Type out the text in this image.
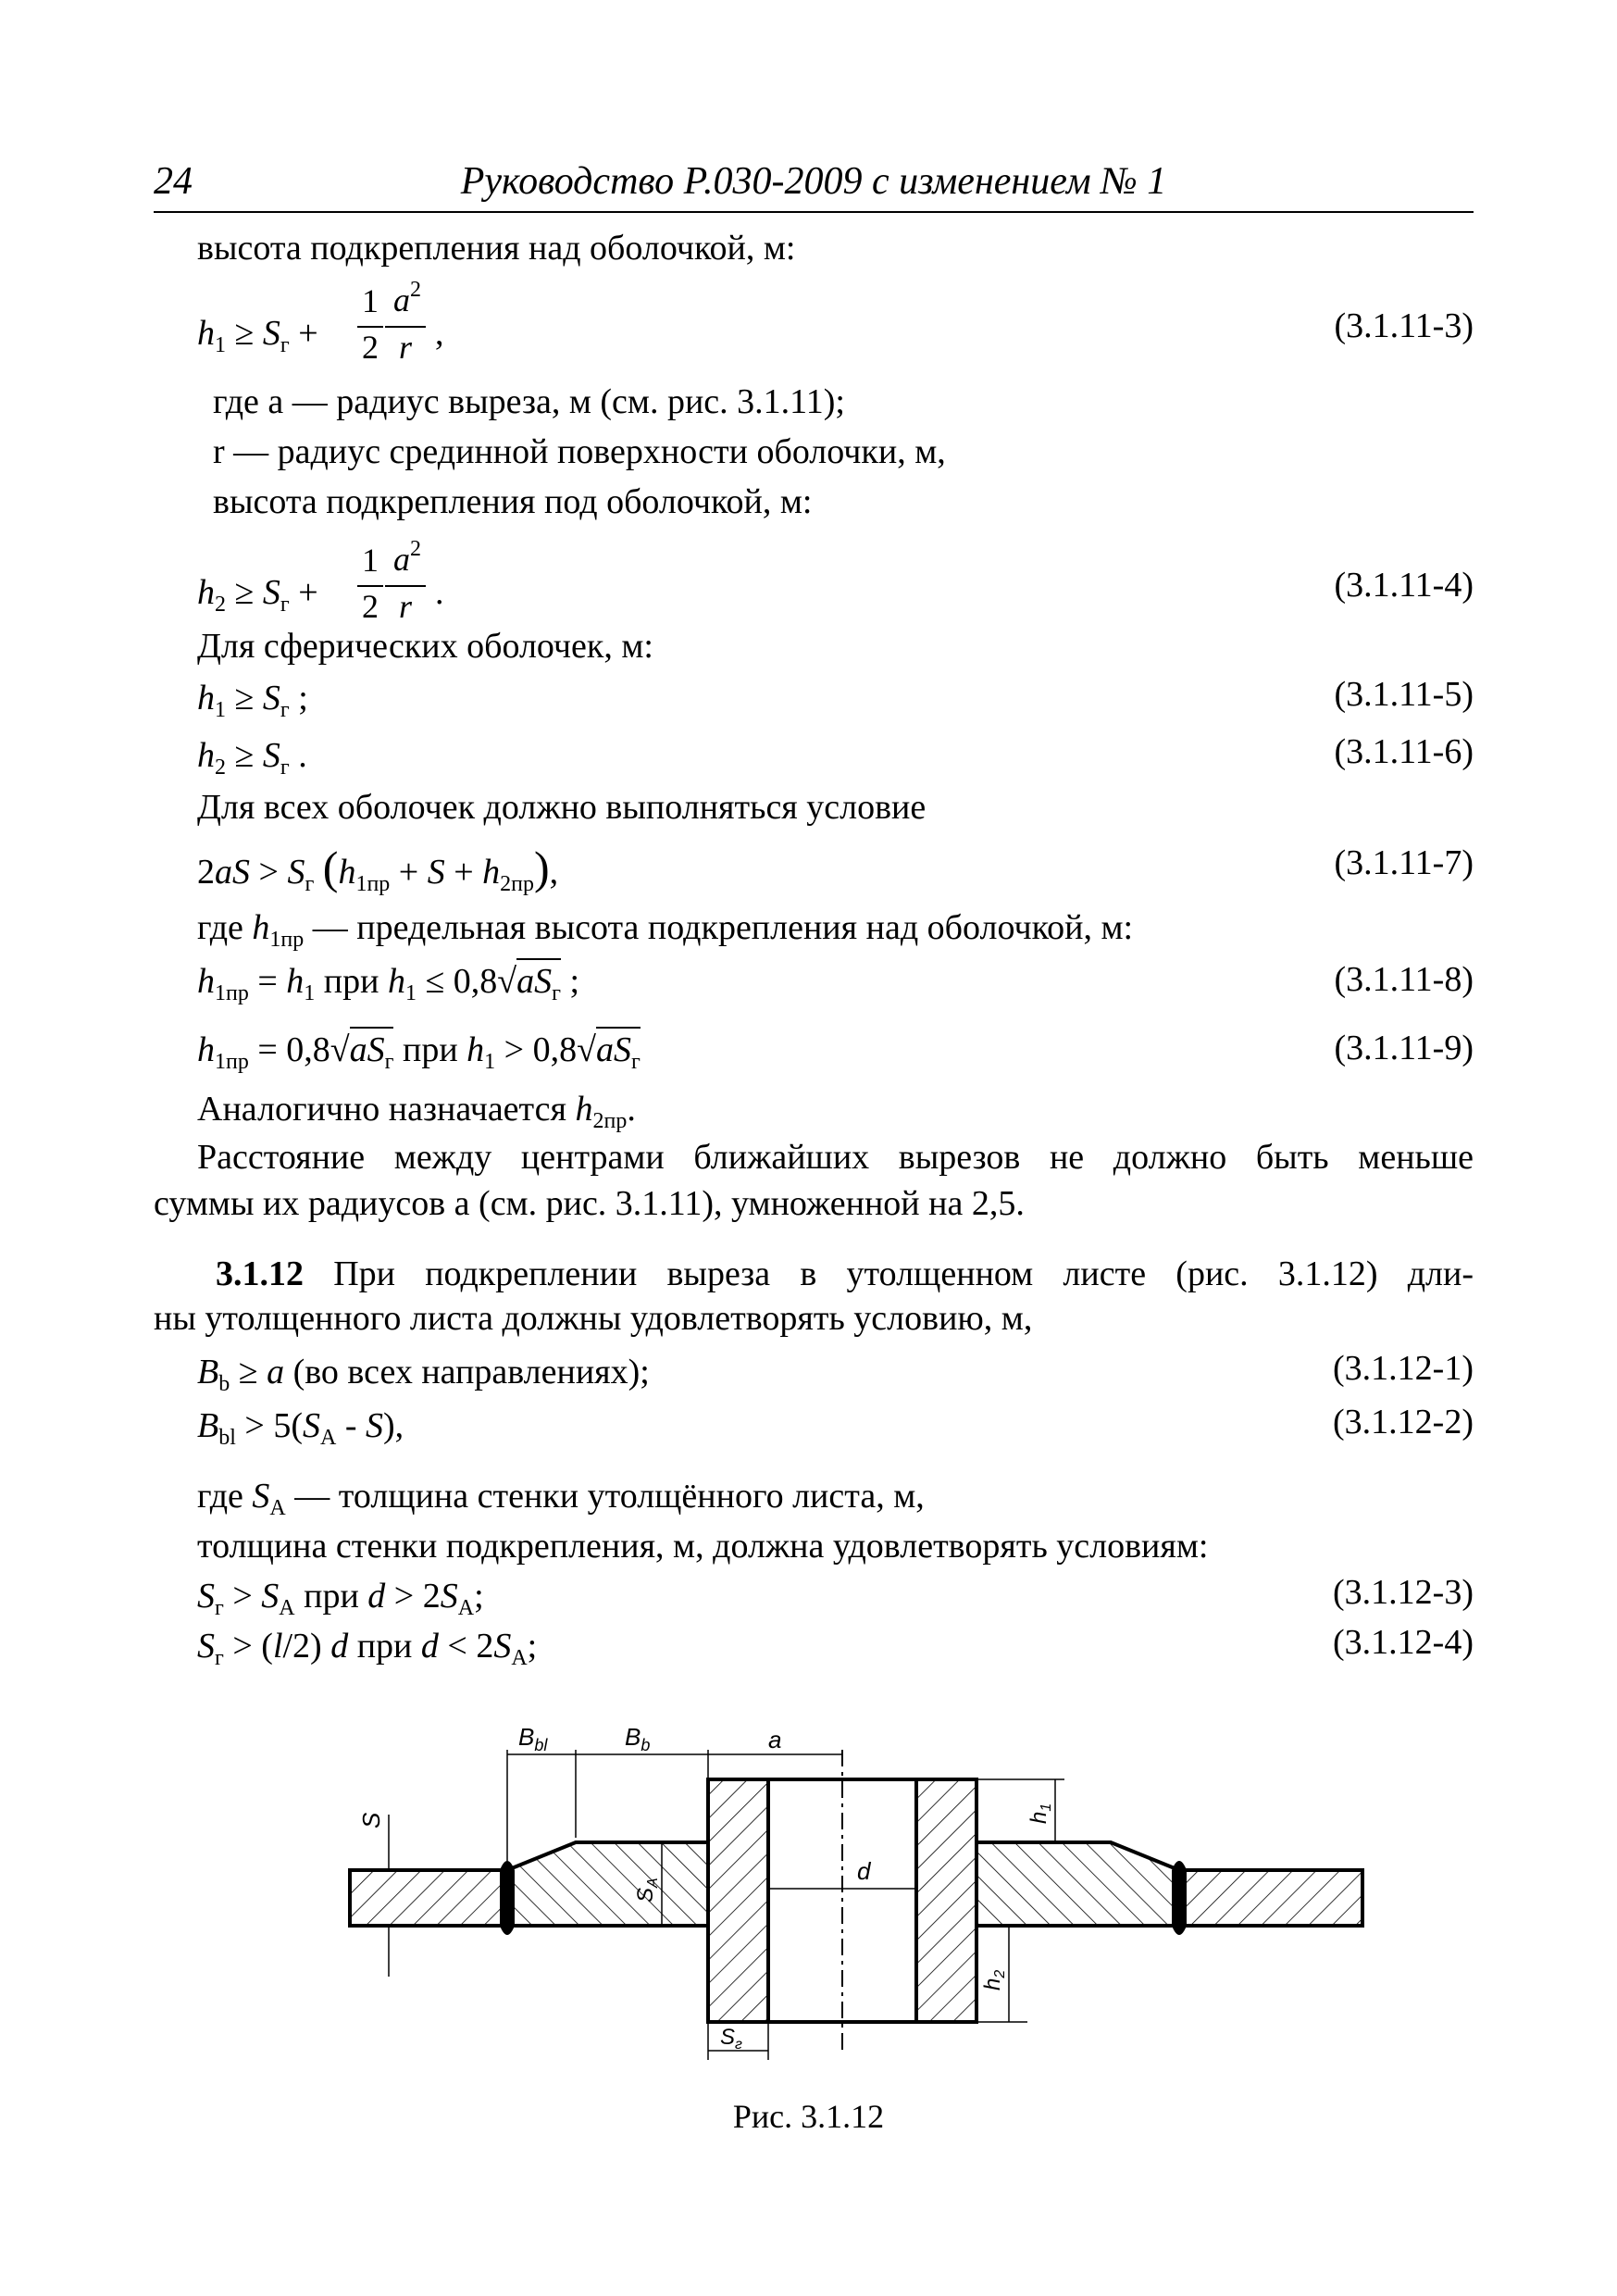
24	Руководство Р.030-2009 с изменением № 1
высота подкрепления над оболочкой, м:
$h_1 \ge S_г$ +
1
2
$a^2$
r ,	(3.1.11-3)
где а — радиус выреза, м (см. рис. 3.1.11);
r — радиус срединной поверхности оболочки, м,
высота подкрепления под оболочкой, м:
$h_2 \ge S_г$ +
1
2
$a^2$
r .	(3.1.11-4)
Для сферических оболочек, м:
$h_1 \ge S_г$ ;	(3.1.11-5)
$h_2 \ge S_г$ .	(3.1.11-6)
Для всех оболочек должно выполняться условие
$2aS > S_г$ $(h_{1пр} + S + h_{2пр})$,	(3.1.11-7)
где $h_{1пр}$ — предельная высота подкрепления над оболочкой, м:
$h_{1пр} = h_1$ при $h_1 \le 0,8√aS_г$ ;	(3.1.11-8)
$h_{1пр} = 0,8√aS_г$ при $h_1 > 0,8√aS_г$	(3.1.11-9)
Аналогично назначается $h_{2пр}$.
Расстояние между центрами ближайших вырезов не должно быть меньше
суммы их радиусов а (см. рис. 3.1.11), умноженной на 2,5.
3.1.12 При подкреплении выреза в утолщенном листе (рис. 3.1.12) дли-
ны утолщенного листа должны удовлетворять условию, м,
$B_b \ge a$ (во всех направлениях);	(3.1.12-1)
$B_{bl} > 5(S_A - S)$,	(3.1.12-2)
где $S_A$ — толщина стенки утолщённого листа, м,
толщина стенки подкрепления, м, должна удовлетворять условиям:
$S_г > S_A$ при $d > 2S_A$;	(3.1.12-3)
$S_г > (l/2)$ d при $d < 2S_A$;	(3.1.12-4)
$B_{bl}$	$B_b$	a
S
$S_A$	d
$h_1$
$h_2$
$S_г$
Рис. 3.1.12
